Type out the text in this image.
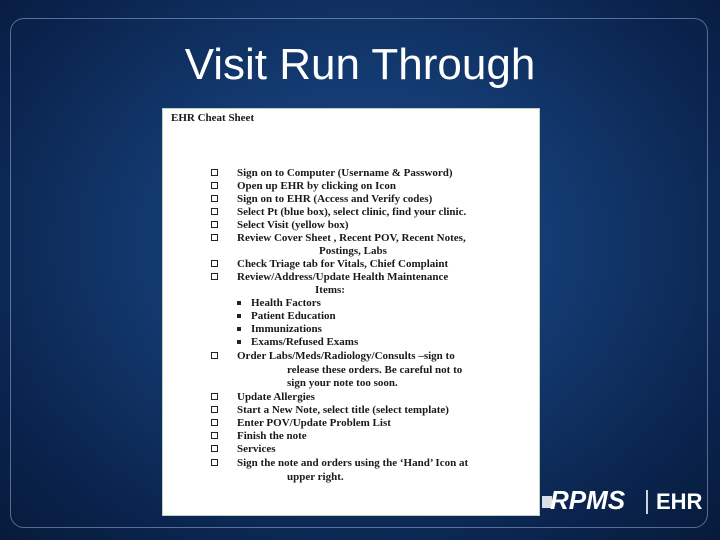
Visit Run Through
EHR Cheat Sheet
Sign on to Computer (Username & Password)
Open up EHR by clicking on Icon
Sign on to EHR (Access and Verify codes)
Select Pt (blue box), select clinic, find your clinic.
Select Visit (yellow box)
Review Cover Sheet , Recent POV, Recent Notes,
Postings, Labs
Check Triage tab for Vitals, Chief Complaint
Review/Address/Update Health Maintenance
Items:
Health Factors
Patient Education
Immunizations
Exams/Refused Exams
Order Labs/Meds/Radiology/Consults –sign to
release these orders. Be careful not to
sign your note too soon.
Update Allergies
Start a New Note, select title (select template)
Enter POV/Update Problem List
Finish the note
Services
Sign the note and orders using the ‘Hand’ Icon at
upper right.
RPMS EHR
